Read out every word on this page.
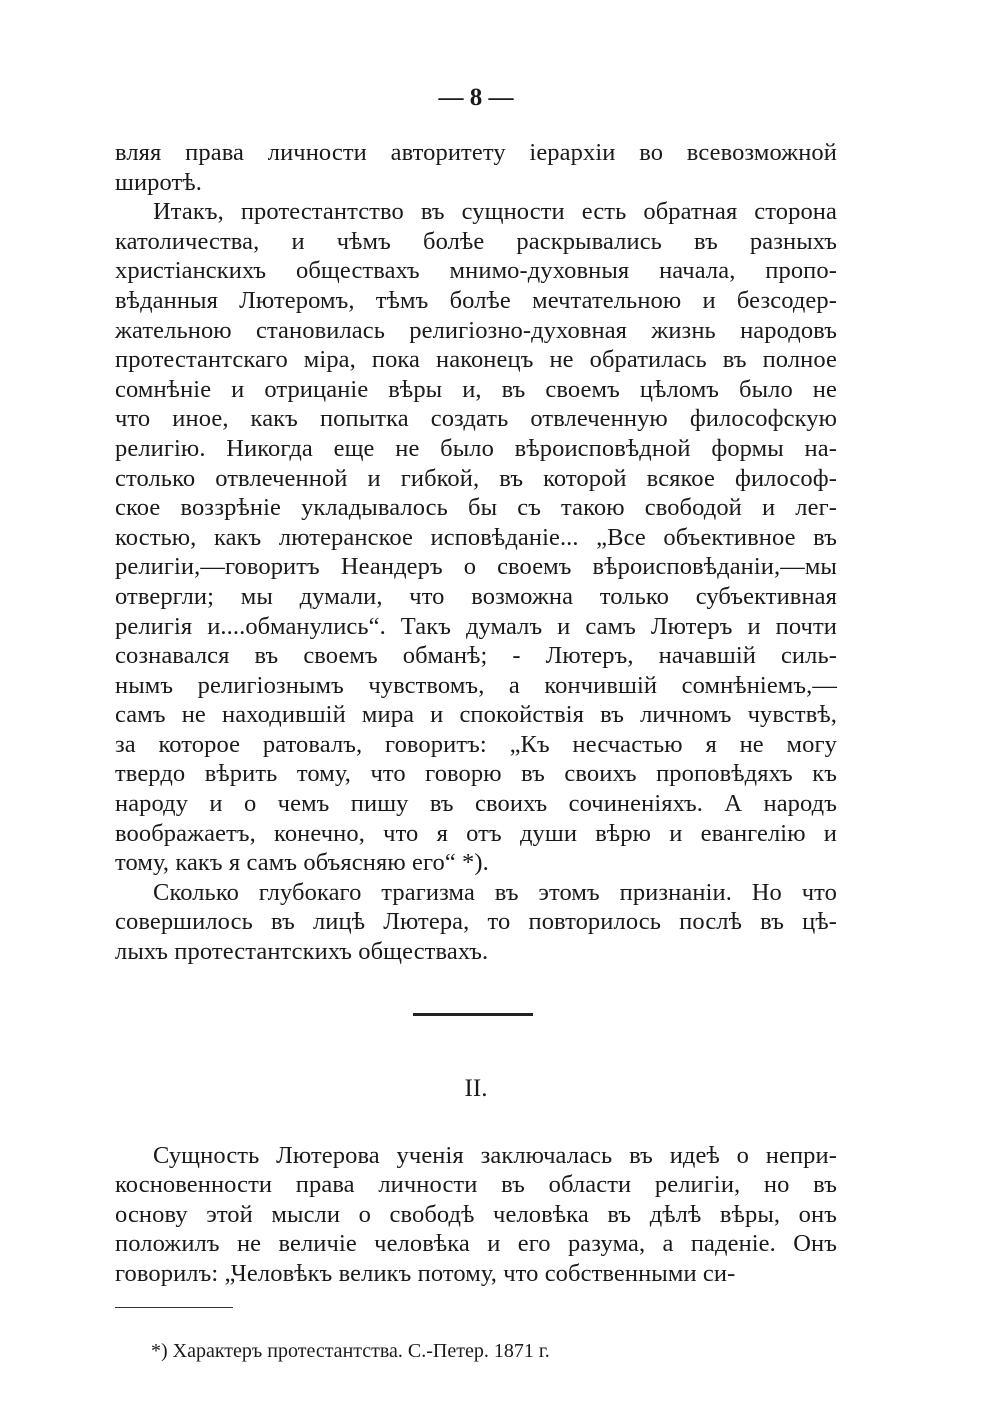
— 8 —
вляя права личности авторитету іерархіи во всевозможной
широтѣ.
Итакъ, протестантство въ сущности есть обратная сторона
католичества, и чѣмъ болѣе раскрывались въ разныхъ
христіанскихъ обществахъ мнимо-духовныя начала, пропо-
вѣданныя Лютеромъ, тѣмъ болѣе мечтательною и безсодер-
жательною становилась религіозно-духовная жизнь народовъ
протестантскаго міра, пока наконецъ не обратилась въ полное
сомнѣніе и отрицаніе вѣры и, въ своемъ цѣломъ было не
что иное, какъ попытка создать отвлеченную философскую
религію. Никогда еще не было вѣроисповѣдной формы на-
столько отвлеченной и гибкой, въ которой всякое философ-
ское воззрѣніе укладывалось бы съ такою свободой и лег-
костью, какъ лютеранское исповѣданіе... „Все объективное въ
религіи,—говоритъ Неандеръ о своемъ вѣроисповѣданіи,—мы
отвергли; мы думали, что возможна только субъективная
религія и....обманулись“. Такъ думалъ и самъ Лютеръ и почти
сознавался въ своемъ обманѣ; - Лютеръ, начавшій силь-
нымъ религіознымъ чувствомъ, а кончившій сомнѣніемъ,—
самъ не находившій мира и спокойствія въ личномъ чувствѣ,
за которое ратовалъ, говоритъ: „Къ несчастью я не могу
твердо вѣрить тому, что говорю въ своихъ проповѣдяхъ къ
народу и о чемъ пишу въ своихъ сочиненіяхъ. А народъ
воображаетъ, конечно, что я отъ души вѣрю и евангелію и
тому, какъ я самъ объясняю его“ *).
Сколько глубокаго трагизма въ этомъ признаніи. Но что
совершилось въ лицѣ Лютера, то повторилось послѣ въ цѣ-
лыхъ протестантскихъ обществахъ.
II.
Сущность Лютерова ученія заключалась въ идеѣ о непри-
косновенности права личности въ области религіи, но въ
основу этой мысли о свободѣ человѣка въ дѣлѣ вѣры, онъ
положилъ не величіе человѣка и его разума, а паденіе. Онъ
говорилъ: „Человѣкъ великъ потому, что собственными си-
*) Характеръ протестантства. С.-Петер. 1871 г.
